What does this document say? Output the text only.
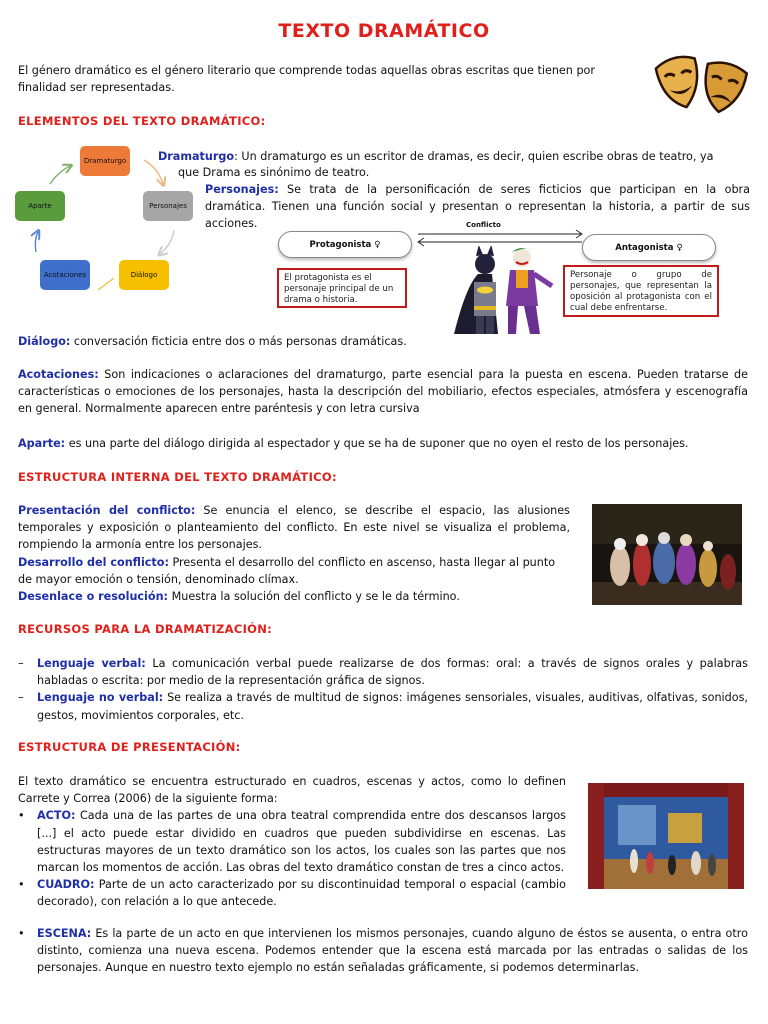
TEXTO DRAMÁTICO

El género dramático es el género literario que comprende todas aquellas obras escritas que tienen por finalidad ser representadas.

ELEMENTOS DEL TEXTO DRAMÁTICO:
Dramaturgo
Personajes
Diálogo
Acotaciones
Aparte

Dramaturgo: Un dramaturgo es un escritor de dramas, es decir, quien escribe obras de teatro, ya

que Drama es sinónimo de teatro.

Personajes: Se trata de la personificación de seres ficticios que participan en la obra dramática. Tienen una función social y presentan o representan la historia, a partir de sus acciones.	Conflicto
Protagonista
♀	Antagonista
♀
El protagonista es el personaje principal de un drama o historia.
Personaje o grupo de personajes, que representan la oposición al protagonista con el cual debe enfrentarse.

Diálogo: conversación ficticia entre dos o más personas dramáticas.

Acotaciones: Son indicaciones o aclaraciones del dramaturgo, parte esencial para la puesta en escena. Pueden tratarse de características o emociones de los personajes, hasta la descripción del mobiliario, efectos especiales, atmósfera y escenografía en general. Normalmente aparecen entre paréntesis y con letra cursiva

Aparte: es una parte del diálogo dirigida al espectador y que se ha de suponer que no oyen el resto de los personajes.

ESTRUCTURA INTERNA DEL TEXTO DRAMÁTICO:

Presentación del conflicto: Se enuncia el elenco, se describe el espacio, las alusiones temporales y exposición o planteamiento del conflicto. En este nivel se visualiza el problema, rompiendo la armonía entre los personajes.

Desarrollo del conflicto: Presenta el desarrollo del conflicto en ascenso, hasta llegar al punto de mayor emoción o tensión, denominado clímax.

Desenlace o resolución: Muestra la solución del conflicto y se le da término.

RECURSOS PARA LA DRAMATIZACIÓN:
– Lenguaje verbal: La comunicación verbal puede realizarse de dos formas: oral: a través de signos orales y palabras habladas o escrita: por medio de la representación gráfica de signos.
– Lenguaje no verbal: Se realiza a través de multitud de signos: imágenes sensoriales, visuales, auditivas, olfativas, sonidos, gestos, movimientos corporales, etc.
ESTRUCTURA DE PRESENTACIÓN:

El texto dramático se encuentra estructurado en cuadros, escenas y actos, como lo definen Carrete y Correa (2006) de la siguiente forma:

• ACTO: Cada una de las partes de una obra teatral comprendida entre dos descansos largos [...] el acto puede estar dividido en cuadros que pueden subdividirse en escenas. Las estructuras mayores de un texto dramático son los actos, los cuales son las partes que nos marcan los momentos de acción. Las obras del texto dramático constan de tres a cinco actos.
• CUADRO: Parte de un acto caracterizado por su discontinuidad temporal o espacial (cambio decorado), con relación a lo que antecede.
• ESCENA: Es la parte de un acto en que intervienen los mismos personajes, cuando alguno de éstos se ausenta, o entra otro distinto, comienza una nueva escena. Podemos entender que la escena está marcada por las entradas o salidas de los personajes. Aunque en nuestro texto ejemplo no están señaladas gráficamente, si podemos determinarlas.
